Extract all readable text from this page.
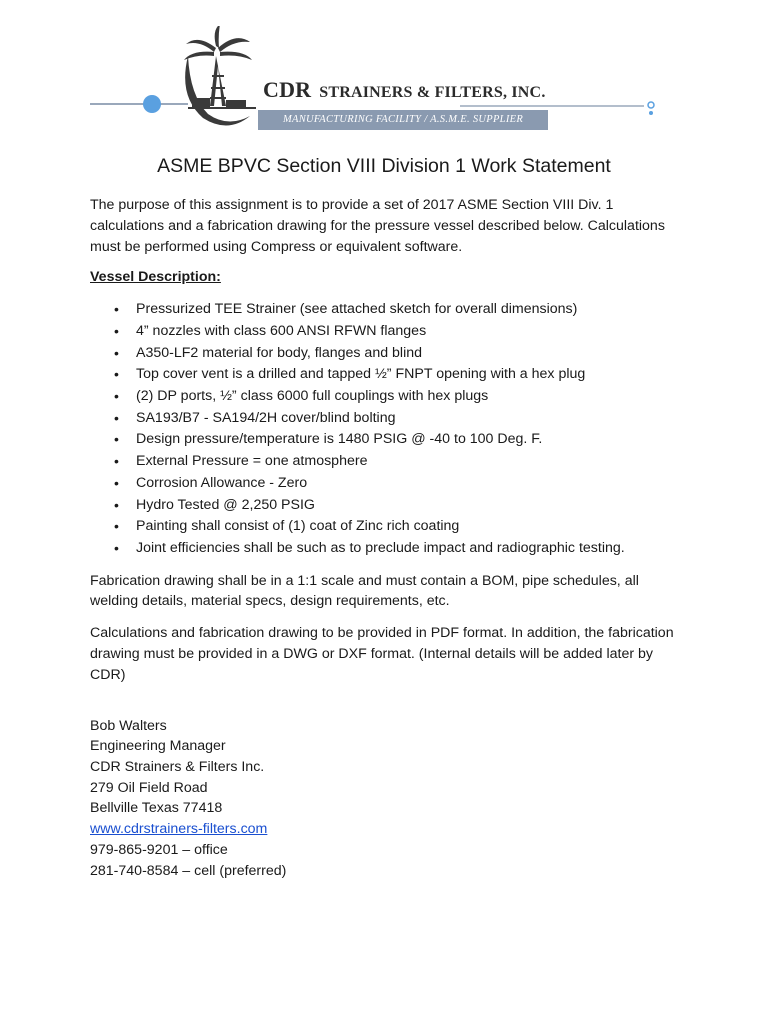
CDR STRAINERS & FILTERS, INC.
MANUFACTURING FACILITY / A.S.M.E. SUPPLIER
ASME BPVC Section VIII Division 1 Work Statement

The purpose of this assignment is to provide a set of 2017 ASME Section VIII Div. 1 calculations and a fabrication drawing for the pressure vessel described below. Calculations must be performed using Compress or equivalent software.

Vessel Description:

• Pressurized TEE Strainer (see attached sketch for overall dimensions)
• 4” nozzles with class 600 ANSI RFWN flanges
• A350-LF2 material for body, flanges and blind
• Top cover vent is a drilled and tapped ½” FNPT opening with a hex plug
• (2) DP ports, ½” class 6000 full couplings with hex plugs
• SA193/B7 - SA194/2H cover/blind bolting
• Design pressure/temperature is 1480 PSIG @ -40 to 100 Deg. F.
• External Pressure = one atmosphere
• Corrosion Allowance - Zero
• Hydro Tested @ 2,250 PSIG
• Painting shall consist of (1) coat of Zinc rich coating
• Joint efficiencies shall be such as to preclude impact and radiographic testing.

Fabrication drawing shall be in a 1:1 scale and must contain a BOM, pipe schedules, all welding details, material specs, design requirements, etc.

Calculations and fabrication drawing to be provided in PDF format. In addition, the fabrication drawing must be provided in a DWG or DXF format. (Internal details will be added later by CDR)

Bob Walters
Engineering Manager
CDR Strainers & Filters Inc.
279 Oil Field Road
Bellville Texas 77418
www.cdrstrainers-filters.com
979-865-9201 – office
281-740-8584 – cell (preferred)
